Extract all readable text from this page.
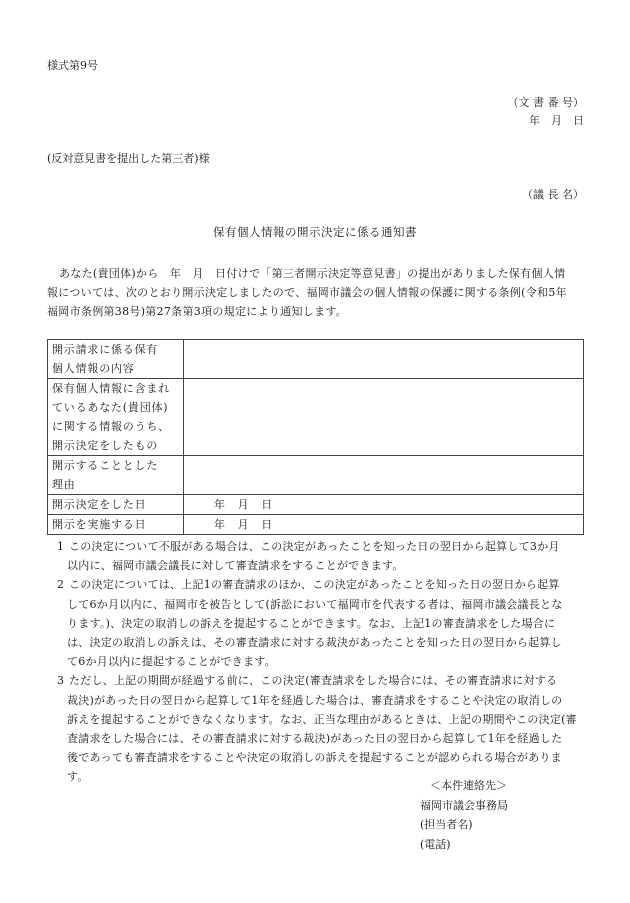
様式第9号
（文 書 番 号）
年　月　日
(反対意見書を提出した第三者)様
（議 長 名）
保有個人情報の開示決定に係る通知書
あなた(貴団体)から　年　月　日付けで「第三者開示決定等意見書」の提出がありました保有個人情
報については、次のとおり開示決定しましたので、福岡市議会の個人情報の保護に関する条例(令和5年
福岡市条例第38号)第27条第3項の規定により通知します。
開示請求に係る保有
個人情報の内容	

保有個人情報に含まれ
ているあなた(貴団体)
に関する情報のうち、
開示決定をしたもの	

開示することとした
理由	

開示決定をした日	年　月　日

開示を実施する日	年　月　日
1 この決定について不服がある場合は、この決定があったことを知った日の翌日から起算して3か月
以内に、福岡市議会議長に対して審査請求をすることができます。
2 この決定については、上記1の審査請求のほか、この決定があったことを知った日の翌日から起算
して6か月以内に、福岡市を被告として(訴訟において福岡市を代表する者は、福岡市議会議長とな
ります。)、決定の取消しの訴えを提起することができます。なお、上記1の審査請求をした場合に
は、決定の取消しの訴えは、その審査請求に対する裁決があったことを知った日の翌日から起算し
て6か月以内に提起することができます。
3 ただし、上記の期間が経過する前に、この決定(審査請求をした場合には、その審査請求に対する
裁決)があった日の翌日から起算して1年を経過した場合は、審査請求をすることや決定の取消しの
訴えを提起することができなくなります。なお、正当な理由があるときは、上記の期間やこの決定(審
査請求をした場合には、その審査請求に対する裁決)があった日の翌日から起算して1年を経過した
後であっても審査請求をすることや決定の取消しの訴えを提起することが認められる場合がありま
す。
＜本件連絡先＞
福岡市議会事務局
(担当者名)
(電話)
